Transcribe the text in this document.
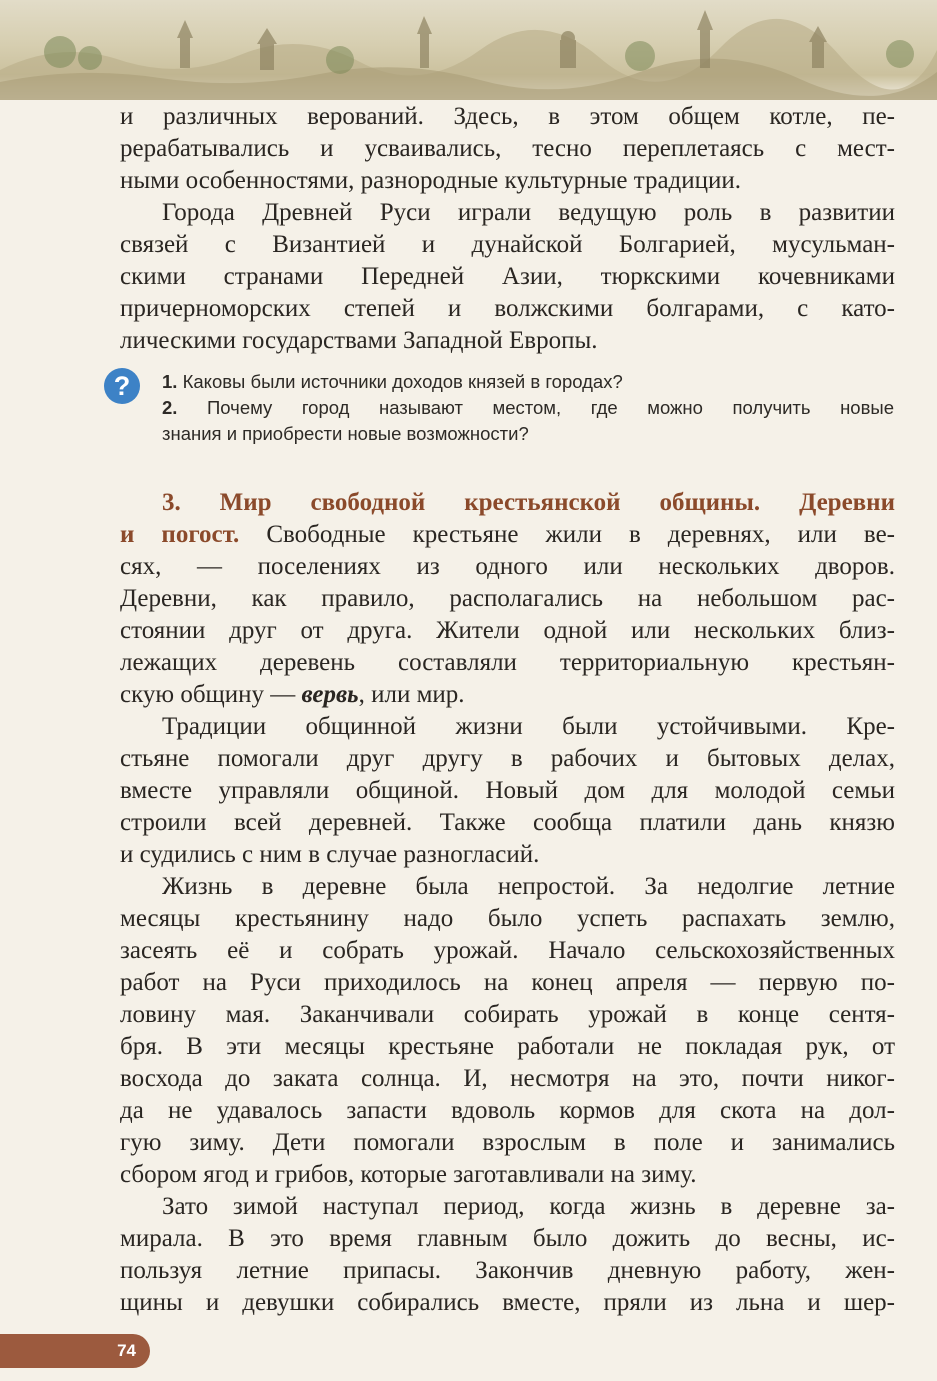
и различных верований. Здесь, в этом общем котле, пе-
рерабатывались и усваивались, тесно переплетаясь с мест-
ными особенностями, разнородные культурные традиции.
Города Древней Руси играли ведущую роль в развитии
связей с Византией и дунайской Болгарией, мусульман-
скими странами Передней Азии, тюркскими кочевниками
причерноморских степей и волжскими болгарами, с като-
лическими государствами Западной Европы.
?	1. Каковы были источники доходов князей в городах?
2. Почему город называют местом, где можно получить новые
знания и приобрести новые возможности?
3. Мир свободной крестьянской общины. Деревни
и погост. Свободные крестьяне жили в деревнях, или ве-
сях, — поселениях из одного или нескольких дворов.
Деревни, как правило, располагались на небольшом рас-
стоянии друг от друга. Жители одной или нескольких близ-
лежащих деревень составляли территориальную крестьян-
скую общину — вервь, или мир.
Традиции общинной жизни были устойчивыми. Кре-
стьяне помогали друг другу в рабочих и бытовых делах,
вместе управляли общиной. Новый дом для молодой семьи
строили всей деревней. Также сообща платили дань князю
и судились с ним в случае разногласий.
Жизнь в деревне была непростой. За недолгие летние
месяцы крестьянину надо было успеть распахать землю,
засеять её и собрать урожай. Начало сельскохозяйственных
работ на Руси приходилось на конец апреля — первую по-
ловину мая. Заканчивали собирать урожай в конце сентя-
бря. В эти месяцы крестьяне работали не покладая рук, от
восхода до заката солнца. И, несмотря на это, почти никог-
да не удавалось запасти вдоволь кормов для скота на дол-
гую зиму. Дети помогали взрослым в поле и занимались
сбором ягод и грибов, которые заготавливали на зиму.
Зато зимой наступал период, когда жизнь в деревне за-
мирала. В это время главным было дожить до весны, ис-
пользуя летние припасы. Закончив дневную работу, жен-
щины и девушки собирались вместе, пряли из льна и шер-
74
